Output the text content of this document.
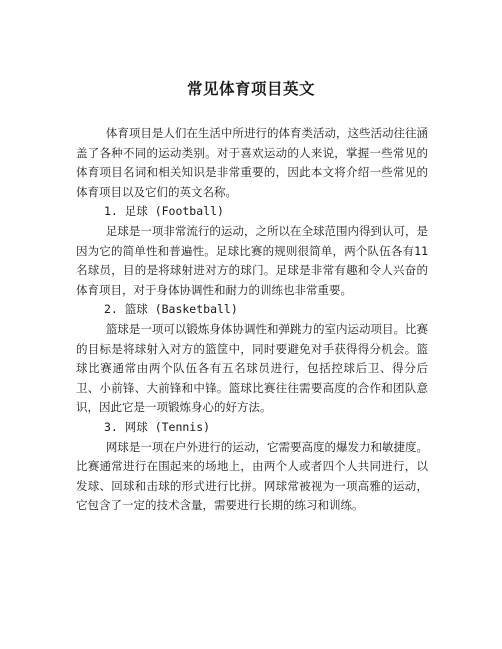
常见体育项目英文

体育项目是人们在生活中所进行的体育类活动，这些活动往往涵盖了各种不同的运动类别。对于喜欢运动的人来说，掌握一些常见的体育项目名词和相关知识是非常重要的，因此本文将介绍一些常见的体育项目以及它们的英文名称。

1. 足球 (Football)

足球是一项非常流行的运动，之所以在全球范围内得到认可，是因为它的简单性和普遍性。足球比赛的规则很简单，两个队伍各有11名球员，目的是将球射进对方的球门。足球是非常有趣和令人兴奋的体育项目，对于身体协调性和耐力的训练也非常重要。

2. 篮球 (Basketball)

篮球是一项可以锻炼身体协调性和弹跳力的室内运动项目。比赛的目标是将球射入对方的篮筐中，同时要避免对手获得得分机会。篮球比赛通常由两个队伍各有五名球员进行，包括控球后卫、得分后卫、小前锋、大前锋和中锋。篮球比赛往往需要高度的合作和团队意识，因此它是一项锻炼身心的好方法。

3. 网球 (Tennis)

网球是一项在户外进行的运动，它需要高度的爆发力和敏捷度。比赛通常进行在围起来的场地上，由两个人或者四个人共同进行，以发球、回球和击球的形式进行比拼。网球常被视为一项高雅的运动，它包含了一定的技术含量，需要进行长期的练习和训练。
